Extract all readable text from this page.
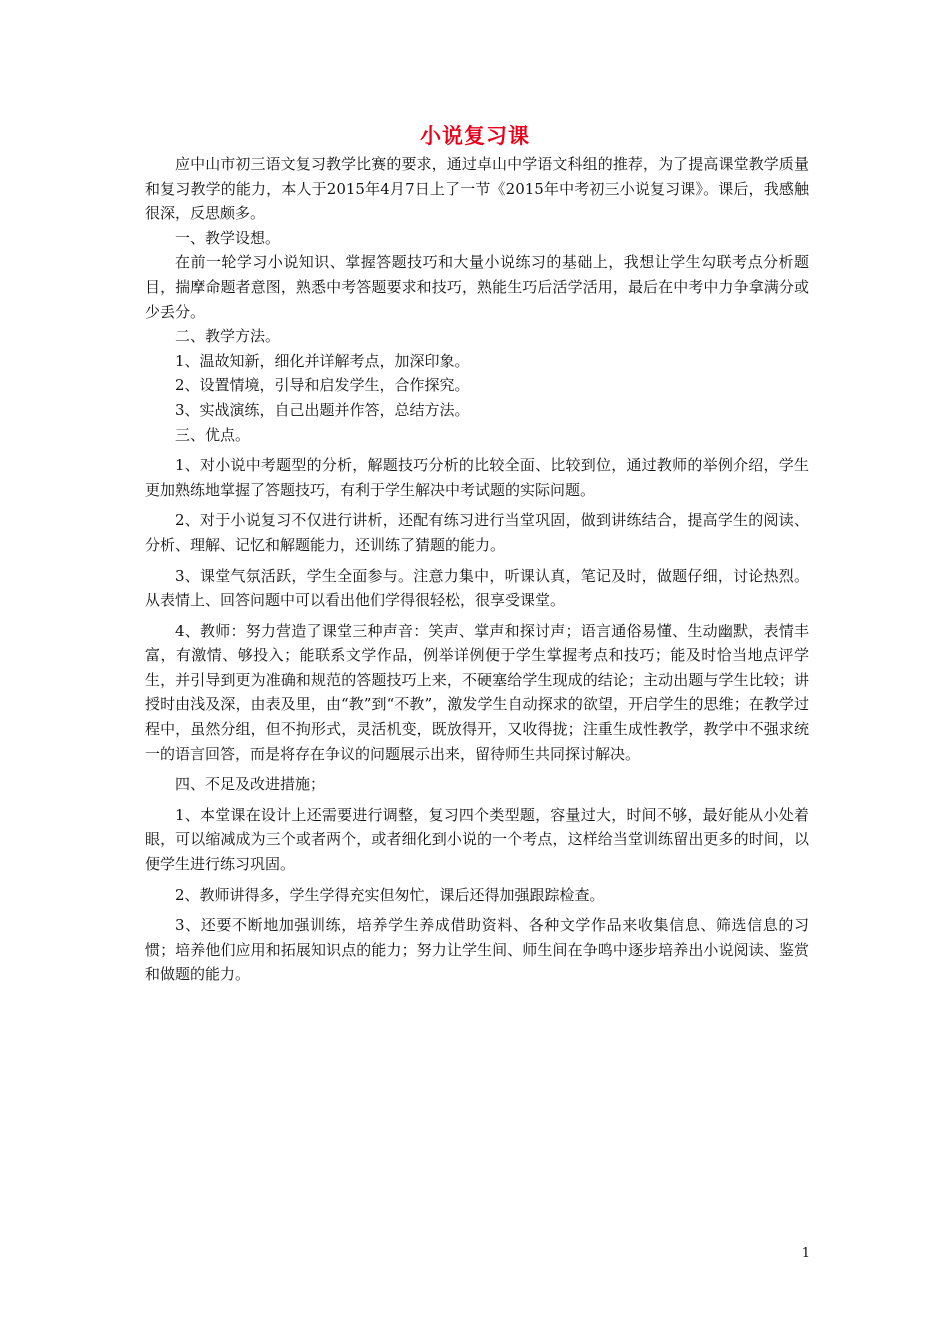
小说复习课

应中山市初三语文复习教学比赛的要求，通过卓山中学语文科组的推荐，为了提高课堂教学质量和复习教学的能力，本人于2015年4月7日上了一节《2015年中考初三小说复习课》。课后，我感触很深，反思颇多。

一、教学设想。

在前一轮学习小说知识、掌握答题技巧和大量小说练习的基础上，我想让学生勾联考点分析题目，揣摩命题者意图，熟悉中考答题要求和技巧，熟能生巧后活学活用，最后在中考中力争拿满分或少丢分。

二、教学方法。

1、温故知新，细化并详解考点，加深印象。

2、设置情境，引导和启发学生，合作探究。

3、实战演练，自己出题并作答，总结方法。

三、优点。

1、对小说中考题型的分析，解题技巧分析的比较全面、比较到位，通过教师的举例介绍，学生更加熟练地掌握了答题技巧，有利于学生解决中考试题的实际问题。

2、对于小说复习不仅进行讲析，还配有练习进行当堂巩固，做到讲练结合，提高学生的阅读、分析、理解、记忆和解题能力，还训练了猜题的能力。

3、课堂气氛活跃，学生全面参与。注意力集中，听课认真，笔记及时，做题仔细，讨论热烈。从表情上、回答问题中可以看出他们学得很轻松，很享受课堂。

4、教师：努力营造了课堂三种声音：笑声、掌声和探讨声；语言通俗易懂、生动幽默，表情丰富，有激情、够投入；能联系文学作品，例举详例便于学生掌握考点和技巧；能及时恰当地点评学生，并引导到更为准确和规范的答题技巧上来，不硬塞给学生现成的结论；主动出题与学生比较；讲授时由浅及深，由表及里，由“教”到“不教”，激发学生自动探求的欲望，开启学生的思维；在教学过程中，虽然分组，但不拘形式，灵活机变，既放得开，又收得拢；注重生成性教学，教学中不强求统一的语言回答，而是将存在争议的问题展示出来，留待师生共同探讨解决。

四、不足及改进措施；

1、本堂课在设计上还需要进行调整，复习四个类型题，容量过大，时间不够，最好能从小处着眼，可以缩减成为三个或者两个，或者细化到小说的一个考点，这样给当堂训练留出更多的时间，以便学生进行练习巩固。

2、教师讲得多，学生学得充实但匆忙，课后还得加强跟踪检查。

3、还要不断地加强训练，培养学生养成借助资料、各种文学作品来收集信息、筛选信息的习惯；培养他们应用和拓展知识点的能力；努力让学生间、师生间在争鸣中逐步培养出小说阅读、鉴赏和做题的能力。

1
